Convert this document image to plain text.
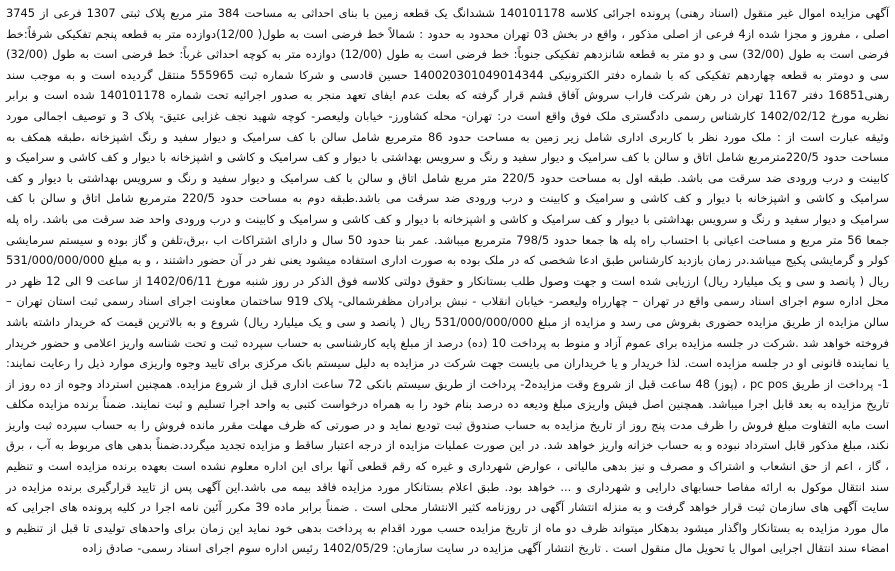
آگهی مزایده اموال غیر منقول (اسناد رهنی) پرونده اجرائی کلاسه 140101178 ششدانگ یک قطعه زمین با بنای احداثی به مساحت 384 متر مربع پلاک ثبتی 1307 فرعی از 3745 اصلی ، مفروز و مجزا شده از4 فرعی از اصلی مذکور ، واقع در بخش 03 تهران محدود به حدود : شمالاً خط فرضی است به طول( 12/00)دوازده متر به قطعه پنجم تفکیکی شرقاً:خط فرضی است به طول (32/00) سی و دو متر به قطعه شانزدهم تفکیکی جنوباً: خط فرضی است به طول (12/00) دوازده متر به کوچه احداثی غرباً: خط فرضی است به طول (32/00) سی و دومتر به قطعه چهاردهم تفکیکی که با شماره دفتر الکترونیکی 140020301049014344 حسین قادسی و شرکا شماره ثبت 555965 منتقل گردیده است و به موجب سند رهنی16851 دفتر 1167 تهران در رهن شرکت فاراب سروش آفاق قشم قرار گرفته که بعلت عدم ایفای تعهد منجر به صدور اجرائیه تحت شماره 140101178 شده است و برابر نظریه مورخ 1402/02/12 کارشناس رسمی دادگستری ملک فوق واقع است در: تهران- محله کشاورز- خیابان ولیعصر- کوچه شهید نجف غزایی عتیق- پلاک 3 و توصیف اجمالی مورد وثیقه عبارت است از : ملک مورد نظر با کاربری اداری شامل زیر زمین به مساحت حدود 86 مترمربع شامل سالن با کف سرامیک و دیوار سفید و رنگ اشپزخانه ،طبقه همکف به مساحت حدود 220/5مترمربع شامل اتاق و سالن با کف سرامیک و دیوار سفید و رنگ و سرویس بهداشتی با دیوار و کف سرامیک و کاشی و اشپزخانه با دیوار و کف کاشی و سرامیک و کابینت و درب ورودی ضد سرقت می باشد. طبقه اول به مساحت حدود 220/5 متر مربع شامل اتاق و سالن با کف سرامیک و دیوار سفید و رنگ و سرویس بهداشتی با دیوار و کف سرامیک و کاشی و اشپزخانه با دیوار و کف کاشی و سرامیک و کابینت و درب ورودی ضد سرقت می باشد.طبقه دوم به مساحت حدود 220/5 مترمربع شامل اتاق و سالن با کف سرامیک و دیوار سفید و رنگ و سرویس بهداشتی با دیوار و کف سرامیک و کاشی و اشپزخانه با دیوار و کف کاشی و سرامیک و کابینت و درب ورودی واحد ضد سرقت می باشد. راه پله جمعا 56 متر مربع و مساحت اعیانی با احتساب راه پله ها جمعا حدود 798/5 مترمربع میباشد. عمر بنا حدود 50 سال و دارای اشتراکات اب ،برق،تلفن و گاز بوده و سیستم سرمایشی کولر و گرمایشی پکیج میباشد.در زمان بازدید کارشناس طبق ادعا شخصی که در ملک بوده به صورت اداری استفاده میشود یعنی نفر در آن حضور داشتند ، و به مبلغ 531/000/000/000 ریال ( پانصد و سی و یک میلیارد ریال) ارزیابی شده است و جهت وصول طلب بستانکار و حقوق دولتی کلاسه فوق الذکر در روز شنبه مورخ 1402/06/11 از ساعت 9 الی 12 ظهر در محل اداره سوم اجرای اسناد رسمی واقع در تهران – چهارراه ولیعصر- خیابان انقلاب - نبش برادران مظفرشمالی- پلاک 919 ساختمان معاونت اجرای اسناد رسمی ثبت استان تهران – سالن مزایده از طریق مزایده حضوری بفروش می رسد و مزایده از مبلغ 531/000/000/000 ریال ( پانصد و سی و یک میلیارد ریال) شروع و به بالاترین قیمت که خریدار داشته باشد فروخته خواهد شد .شرکت در جلسه مزایده برای عموم آزاد و منوط به پرداخت 10 (ده) درصد از مبلغ پایه کارشناسی به حساب سپرده ثبت و تحت شناسه واریز اعلامی و حضور خریدار یا نماینده قانونی او در جلسه مزایده است. لذا خریدار و یا خریداران می بایست جهت شرکت در مزایده به دلیل سیستم بانک مرکزی برای تایید وجوه واریزی موارد ذیل را رعایت نمایند: 1- پرداخت از طریق pc pos ، (پوز) 48 ساعت قبل از شروع وقت مزایده2- پرداخت از طریق سیستم بانکی 72 ساعت اداری قبل از شروع مزایده. همچنین استرداد وجوه از ده روز از تاریخ مزایده به بعد قابل اجرا میباشد. همچنین اصل فیش واریزی مبلغ ودیعه ده درصد بنام خود را به همراه درخواست کتبی به واحد اجرا تسلیم و ثبت نمایند. ضمناً برنده مزایده مکلف است مابه التفاوت مبلغ فروش را ظرف مدت پنج روز از تاریخ مزایده به حساب صندوق ثبت تودیع نماید و در صورتی که ظرف مهلت مقرر مانده فروش را به حساب سپرده ثبت واریز نکند، مبلغ مذکور قابل استرداد نبوده و به حساب خزانه واریز خواهد شد. در این صورت عملیات مزایده از درجه اعتبار ساقط و مزایده تجدید میگردد.ضمناً بدهی های مربوط به آب ، برق ، گاز ، اعم از حق انشعاب و اشتراک و مصرف و نیز بدهی مالیاتی ، عوارض شهرداری و غیره که رقم قطعی آنها برای این اداره معلوم نشده است بعهده برنده مزایده است و تنظیم سند انتقال موکول به ارائه مفاصا حسابهای دارایی و شهرداری و ... خواهد بود. طبق اعلام بستانکار مورد مزایده فاقد بیمه می باشد.این آگهی پس از تایید قرارگیری برنده مزایده در سایت آگهی های سازمان ثبت قرار خواهد گرفت و به منزله انتشار آگهی در روزنامه کثیر الانتشار محلی است . ضمناً برابر ماده 39 مکرر آئین نامه اجرا در کلیه پرونده های اجرایی که مال مورد مزایده به بستانکار واگذار میشود بدهکار میتواند ظرف دو ماه از تاریخ مزایده حسب مورد اقدام به پرداخت بدهی خود نماید این زمان برای واحدهای تولیدی تا قبل از تنظیم و امضاء سند انتقال اجرایی اموال یا تحویل مال منقول است . تاریخ انتشار آگهی مزایده در سایت سازمان: 1402/05/29 رئیس اداره سوم اجرای اسناد رسمی- صادق زاده
